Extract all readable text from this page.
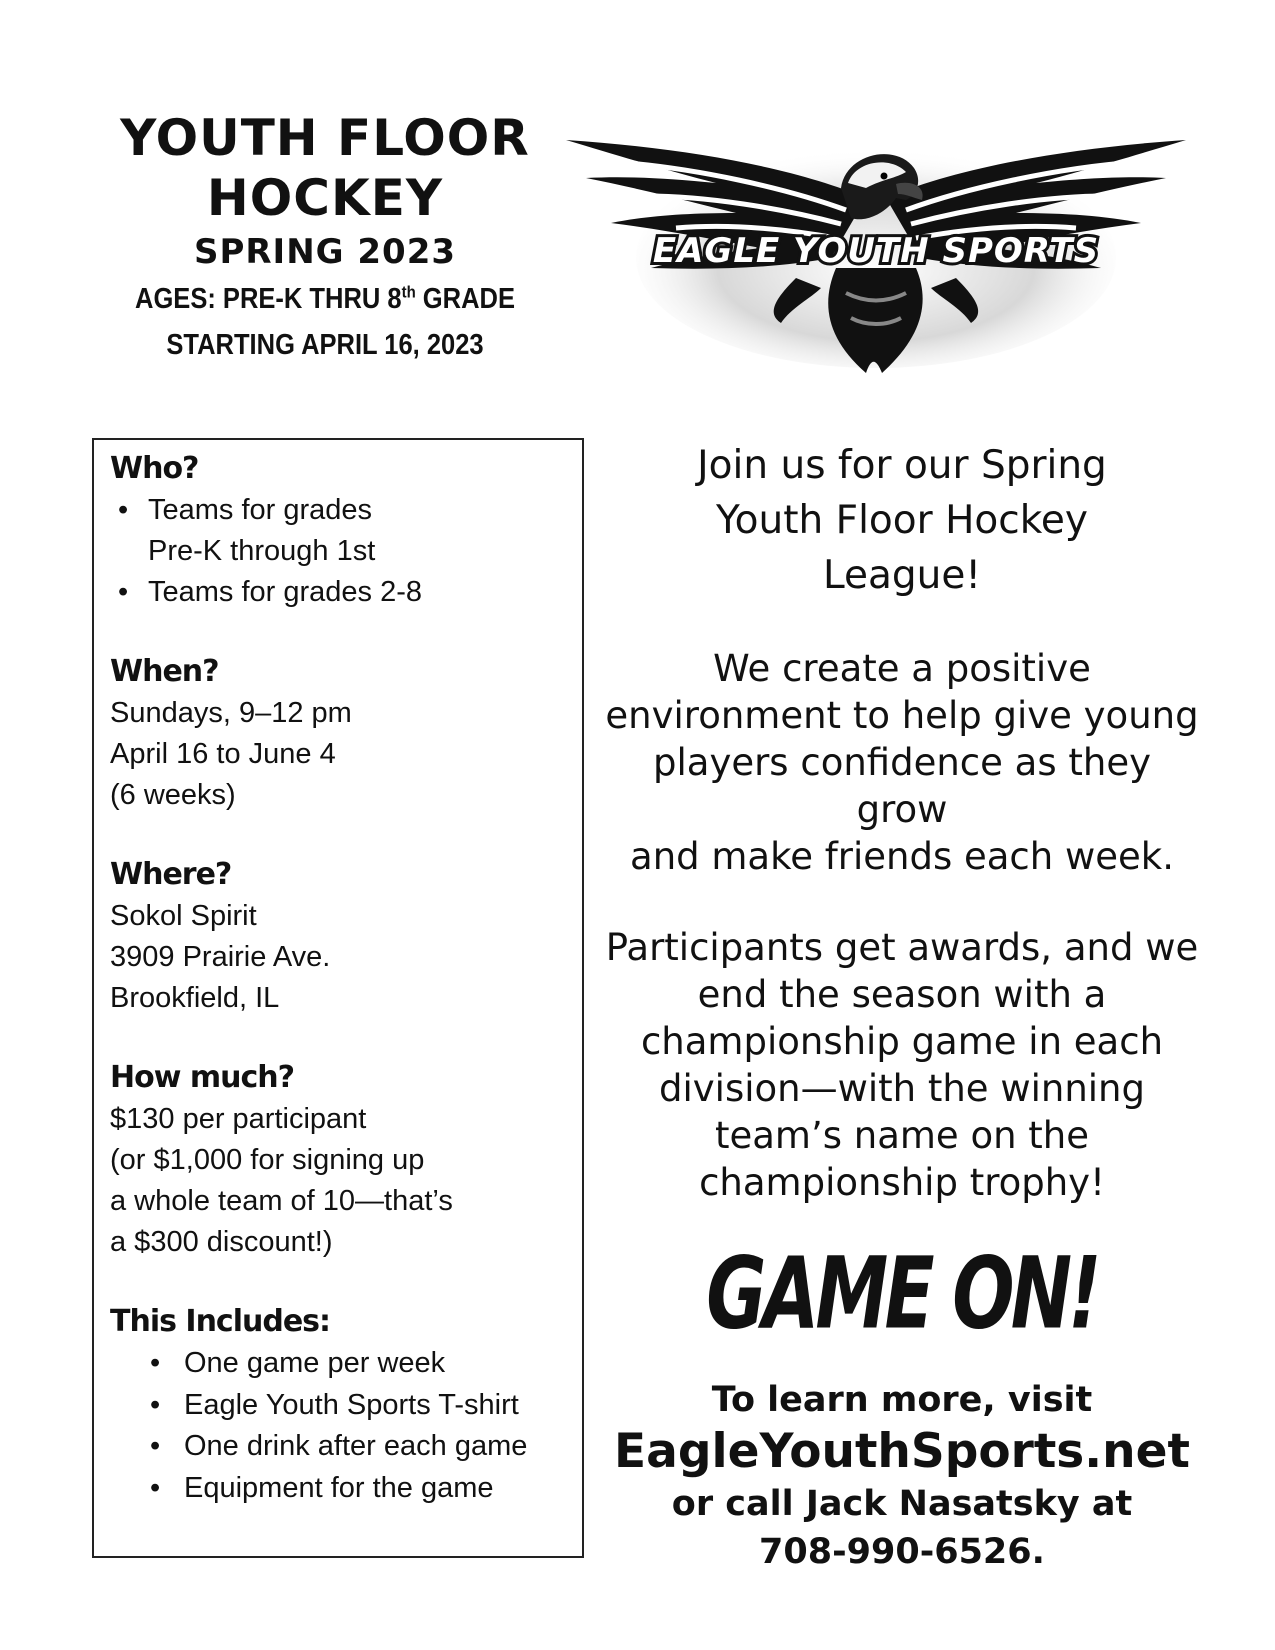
YOUTH FLOOR

HOCKEY

SPRING 2023

AGES: PRE-K THRU 8th GRADE

STARTING APRIL 16, 2023

EAGLE YOUTH SPORTS

Who?

• Teams for grades
Pre-K through 1st
• Teams for grades 2-8

When?

Sundays, 9–12 pm

April 16 to June 4

(6 weeks)

Where?

Sokol Spirit

3909 Prairie Ave.

Brookfield, IL

How much?

$130 per participant

(or $1,000 for signing up

a whole team of 10—that’s

a $300 discount!)

This Includes:

• One game per week
• Eagle Youth Sports T-shirt
• One drink after each game
• Equipment for the game

Join us for our Spring

Youth Floor Hockey

League!

We create a positive

environment to help give young

players confidence as they grow

and make friends each week.

Participants get awards, and we

end the season with a

championship game in each

division—with the winning

team’s name on the

championship trophy!

GAME ON!

To learn more, visit

EagleYouthSports.net

or call Jack Nasatsky at

708-990-6526.
